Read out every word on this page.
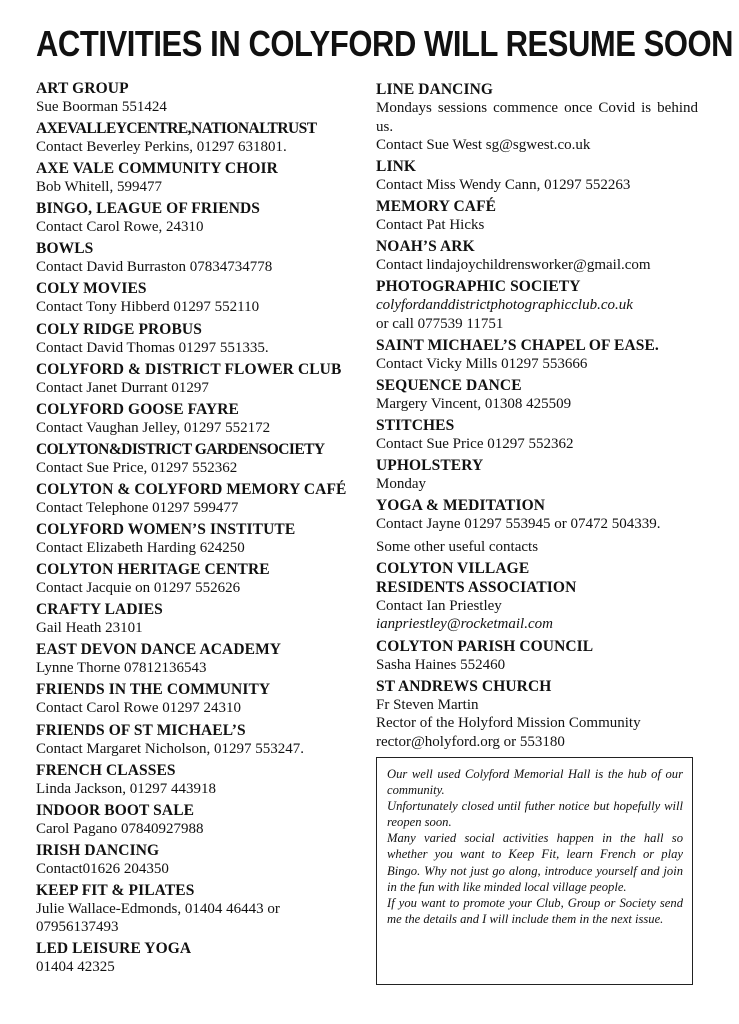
ACTIVITIES IN COLYFORD WILL RESUME SOON
ART GROUP
Sue Boorman 551424
AXEVALLEYCENTRE,NATIONALTRUST
Contact Beverley Perkins, 01297 631801.
AXE VALE COMMUNITY CHOIR
Bob Whitell, 599477
BINGO, LEAGUE OF FRIENDS
Contact Carol Rowe, 24310
BOWLS
Contact David Burraston 07834734778
COLY MOVIES
Contact Tony Hibberd 01297 552110
COLY RIDGE PROBUS
Contact David Thomas 01297 551335.
COLYFORD & DISTRICT FLOWER CLUB
Contact Janet Durrant 01297
COLYFORD GOOSE FAYRE
Contact Vaughan Jelley, 01297 552172
COLYTON&DISTRICT GARDENSOCIETY
Contact Sue Price, 01297 552362
COLYTON & COLYFORD MEMORY CAFÉ
Contact Telephone 01297 599477
COLYFORD WOMEN’S INSTITUTE
Contact Elizabeth Harding 624250
COLYTON HERITAGE CENTRE
Contact Jacquie on 01297 552626
CRAFTY LADIES
Gail Heath 23101
EAST DEVON DANCE ACADEMY
Lynne Thorne 07812136543
FRIENDS IN THE COMMUNITY
Contact Carol Rowe 01297 24310
FRIENDS OF ST MICHAEL’S
Contact Margaret Nicholson, 01297 553247.
FRENCH CLASSES
Linda Jackson, 01297 443918
INDOOR BOOT SALE
Carol Pagano 07840927988
IRISH DANCING
Contact01626 204350
KEEP FIT & PILATES
Julie Wallace-Edmonds, 01404 46443 or
07956137493
LED LEISURE YOGA
01404 42325
LINE DANCING
Mondays sessions commence once Covid is behind us.
Contact Sue West sg@sgwest.co.uk
LINK
Contact Miss Wendy Cann, 01297 552263
MEMORY CAFÉ
Contact Pat Hicks
NOAH’S ARK
Contact lindajoychildrensworker@gmail.com
PHOTOGRAPHIC SOCIETY
colyfordanddistrictphotographicclub.co.uk
or call 077539 11751
SAINT MICHAEL’S CHAPEL OF EASE.
Contact Vicky Mills 01297 553666
SEQUENCE DANCE
Margery Vincent, 01308 425509
STITCHES
Contact Sue Price 01297 552362
UPHOLSTERY
Monday
YOGA & MEDITATION
Contact Jayne 01297 553945 or 07472 504339.
Some other useful contacts
COLYTON VILLAGE
RESIDENTS ASSOCIATION
Contact Ian Priestley
ianpriestley@rocketmail.com
COLYTON PARISH COUNCIL
Sasha Haines 552460
ST ANDREWS CHURCH
Fr Steven Martin
Rector of the Holyford Mission Community
rector@holyford.org or 553180

Our well used Colyford Memorial Hall is the hub of our community.

Unfortunately closed until futher notice but hopefully will reopen soon.

Many varied social activities happen in the hall so whether you want to Keep Fit, learn French or play Bingo. Why not just go along, introduce yourself and join in the fun with like minded local village people.

If you want to promote your Club, Group or Society send me the details and I will include them in the next issue.
